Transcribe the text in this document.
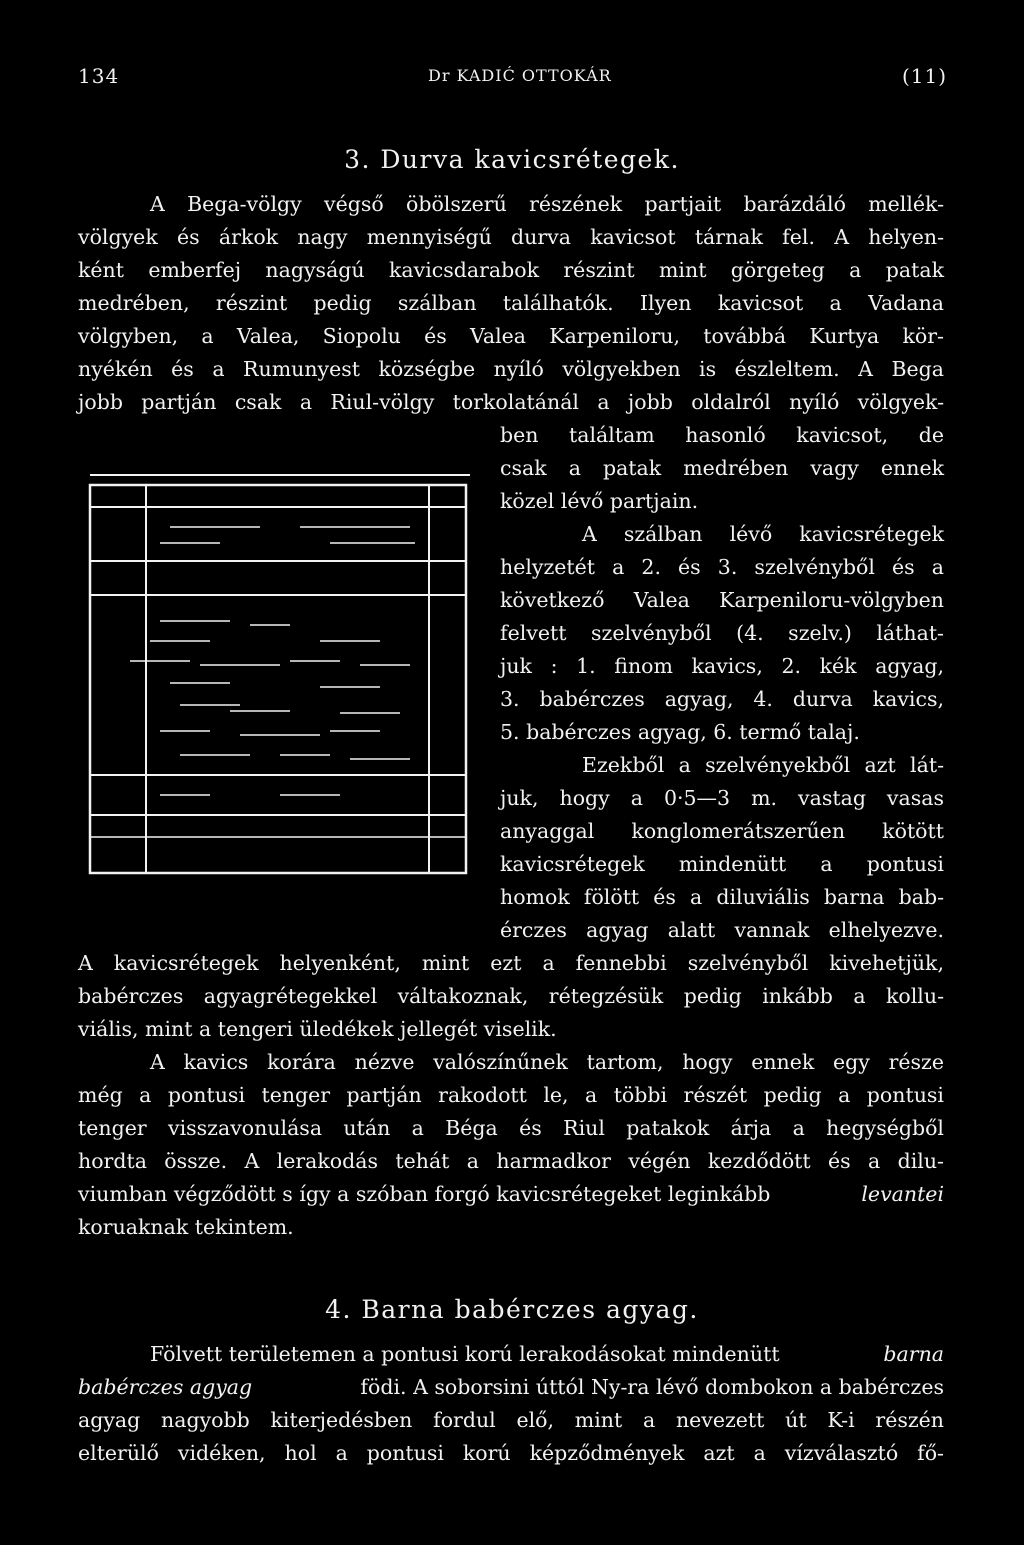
134	Dr KADIĆ OTTOKÁR	(11)
3. Durva kavicsrétegek.
A Bega-völgy végső öbölszerű részének partjait barázdáló mellék-
völgyek és árkok nagy mennyiségű durva kavicsot tárnak fel. A helyen-
ként emberfej nagyságú kavicsdarabok részint mint görgeteg a patak
medrében, részint pedig szálban találhatók. Ilyen kavicsot a Vadana
völgyben, a Valea, Siopolu és Valea Karpeniloru, továbbá Kurtya kör-
nyékén és a Rumunyest községbe nyíló völgyekben is észleltem. A Bega
jobb partján csak a Riul-völgy torkolatánál a jobb oldalról nyíló völgyek-
ben találtam hasonló kavicsot, de
csak a patak medrében vagy ennek
közel lévő partjain.
A szálban lévő kavicsrétegek
helyzetét a 2. és 3. szelvényből és a
következő Valea Karpeniloru-völgyben
felvett szelvényből (4. szelv.) láthat-
juk : 1. finom kavics, 2. kék agyag,
3. babérczes agyag, 4. durva kavics,
5. babérczes agyag, 6. termő talaj.
Ezekből a szelvényekből azt lát-
juk, hogy a 0·5—3 m. vastag vasas
anyaggal konglomerátszerűen kötött
kavicsrétegek mindenütt a pontusi
homok fölött és a diluviális barna bab-
érczes agyag alatt vannak elhelyezve.
A kavicsrétegek helyenként, mint ezt a fennebbi szelvényből kivehetjük,
babérczes agyagrétegekkel váltakoznak, rétegzésük pedig inkább a kollu-
viális, mint a tengeri üledékek jellegét viselik.
A kavics korára nézve valószínűnek tartom, hogy ennek egy része
még a pontusi tenger partján rakodott le, a többi részét pedig a pontusi
tenger visszavonulása után a Béga és Riul patakok árja a hegységből
hordta össze. A lerakodás tehát a harmadkor végén kezdődött és a dilu-
viumban végződött s így a szóban forgó kavicsrétegeket leginkább	levantei
koruaknak tekintem.
4. Barna babérczes agyag.
Fölvett területemen a pontusi korú lerakodásokat mindenütt	barna
babérczes agyag	födi. A soborsini úttól Ny-ra lévő dombokon a babérczes
agyag nagyobb kiterjedésben fordul elő, mint a nevezett út K-i részén
elterülő vidéken, hol a pontusi korú képződmények azt a vízválasztó fő-
